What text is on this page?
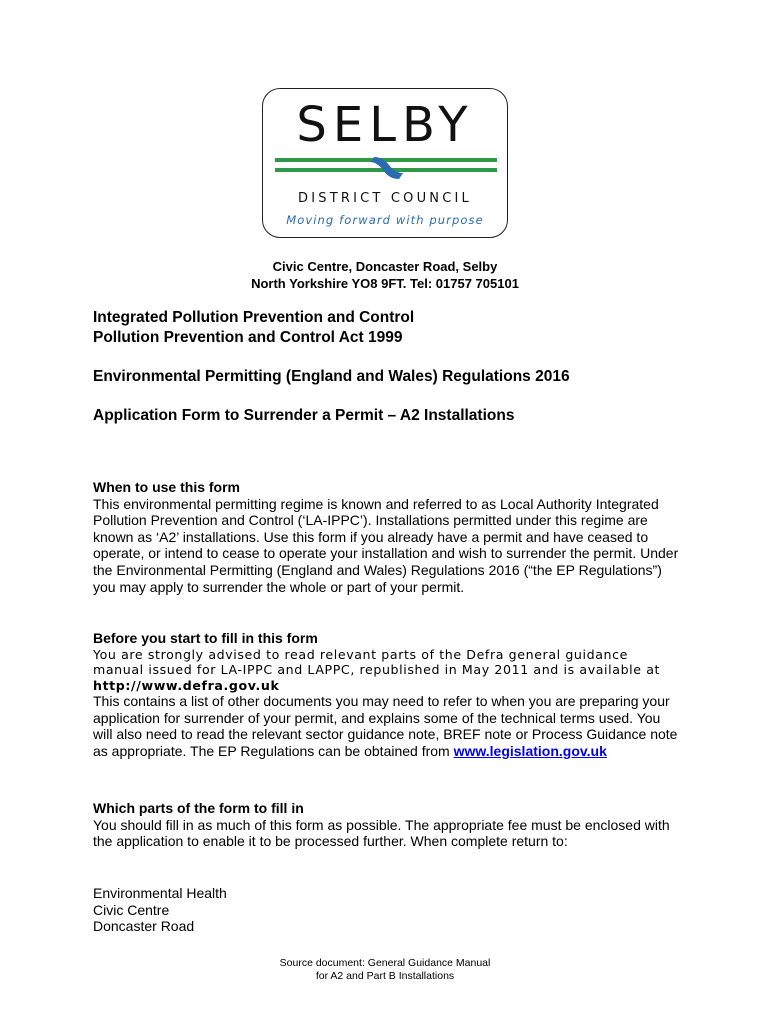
SELBY
DISTRICT COUNCIL
Moving forward with purpose
Civic Centre, Doncaster Road, Selby
North Yorkshire YO8 9FT. Tel: 01757 705101
Integrated Pollution Prevention and Control
Pollution Prevention and Control Act 1999
Environmental Permitting (England and Wales) Regulations 2016
Application Form to Surrender a Permit – A2 Installations
When to use this form

This environmental permitting regime is known and referred to as Local Authority Integrated Pollution Prevention and Control (‘LA-IPPC’). Installations permitted under this regime are known as ‘A2’ installations. Use this form if you already have a permit and have ceased to operate, or intend to cease to operate your installation and wish to surrender the permit. Under the Environmental Permitting (England and Wales) Regulations 2016 (“the EP Regulations”) you may apply to surrender the whole or part of your permit.

Before you start to fill in this form

You are strongly advised to read relevant parts of the Defra general guidance manual issued for LA-IPPC and LAPPC, republished in May 2011 and is available at http://www.defra.gov.uk

This contains a list of other documents you may need to refer to when you are preparing your application for surrender of your permit, and explains some of the technical terms used. You will also need to read the relevant sector guidance note, BREF note or Process Guidance note as appropriate. The EP Regulations can be obtained from www.legislation.gov.uk

Which parts of the form to fill in

You should fill in as much of this form as possible. The appropriate fee must be enclosed with the application to enable it to be processed further. When complete return to:

Environmental Health
Civic Centre
Doncaster Road
Source document: General Guidance Manual
for A2 and Part B Installations
